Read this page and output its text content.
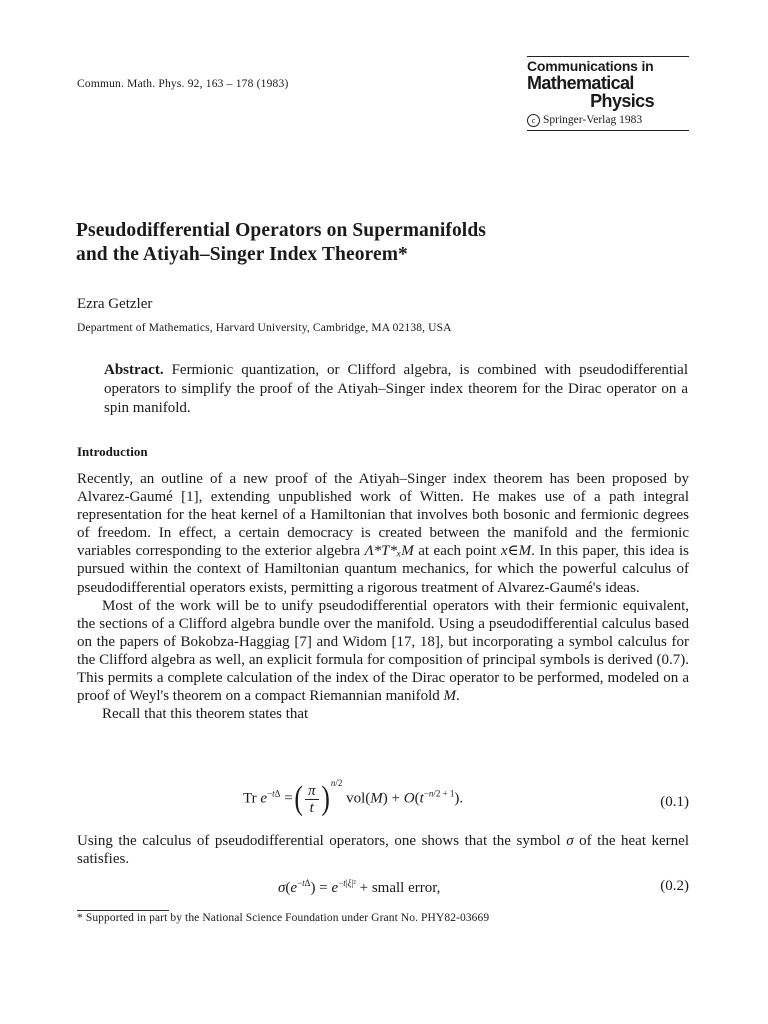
Commun. Math. Phys. 92, 163 – 178 (1983)
Communications in
Mathematical
Physics
c Springer-Verlag 1983
Pseudodifferential Operators on Supermanifolds
and the Atiyah–Singer Index Theorem*
Ezra Getzler
Department of Mathematics, Harvard University, Cambridge, MA 02138, USA
Abstract. Fermionic quantization, or Clifford algebra, is combined with pseudodifferential operators to simplify the proof of the Atiyah–Singer index theorem for the Dirac operator on a spin manifold.
Introduction

Recently, an outline of a new proof of the Atiyah–Singer index theorem has been proposed by Alvarez-Gaumé [1], extending unpublished work of Witten. He makes use of a path integral representation for the heat kernel of a Hamiltonian that involves both bosonic and fermionic degrees of freedom. In effect, a certain democracy is created between the manifold and the fermionic variables corresponding to the exterior algebra Λ*T*ₓM at each point x∈M. In this paper, this idea is pursued within the context of Hamiltonian quantum mechanics, for which the powerful calculus of pseudodifferential operators exists, permitting a rigorous treatment of Alvarez-Gaumé's ideas.

Most of the work will be to unify pseudodifferential operators with their fermionic equivalent, the sections of a Clifford algebra bundle over the manifold. Using a pseudodifferential calculus based on the papers of Bokobza-Haggiag [7] and Widom [17, 18], but incorporating a symbol calculus for the Clifford algebra as well, an explicit formula for composition of principal symbols is derived (0.7). This permits a complete calculation of the index of the Dirac operator to be performed, modeled on a proof of Weyl's theorem on a compact Riemannian manifold M.

Recall that this theorem states that

Tr $e^{-t\Delta}$ =( $\frac{\pi}{t} )^{n/2}$ $vol(M) + O(t^{-n/2 + 1})$.	(0.1)
Using the calculus of pseudodifferential operators, one shows that the symbol σ of the heat kernel satisfies.
$\sigma(e^{-t\Delta}) = e^{-t|\xi|^2}$ + small error,	(0.2)
* Supported in part by the National Science Foundation under Grant No. PHY82-03669
